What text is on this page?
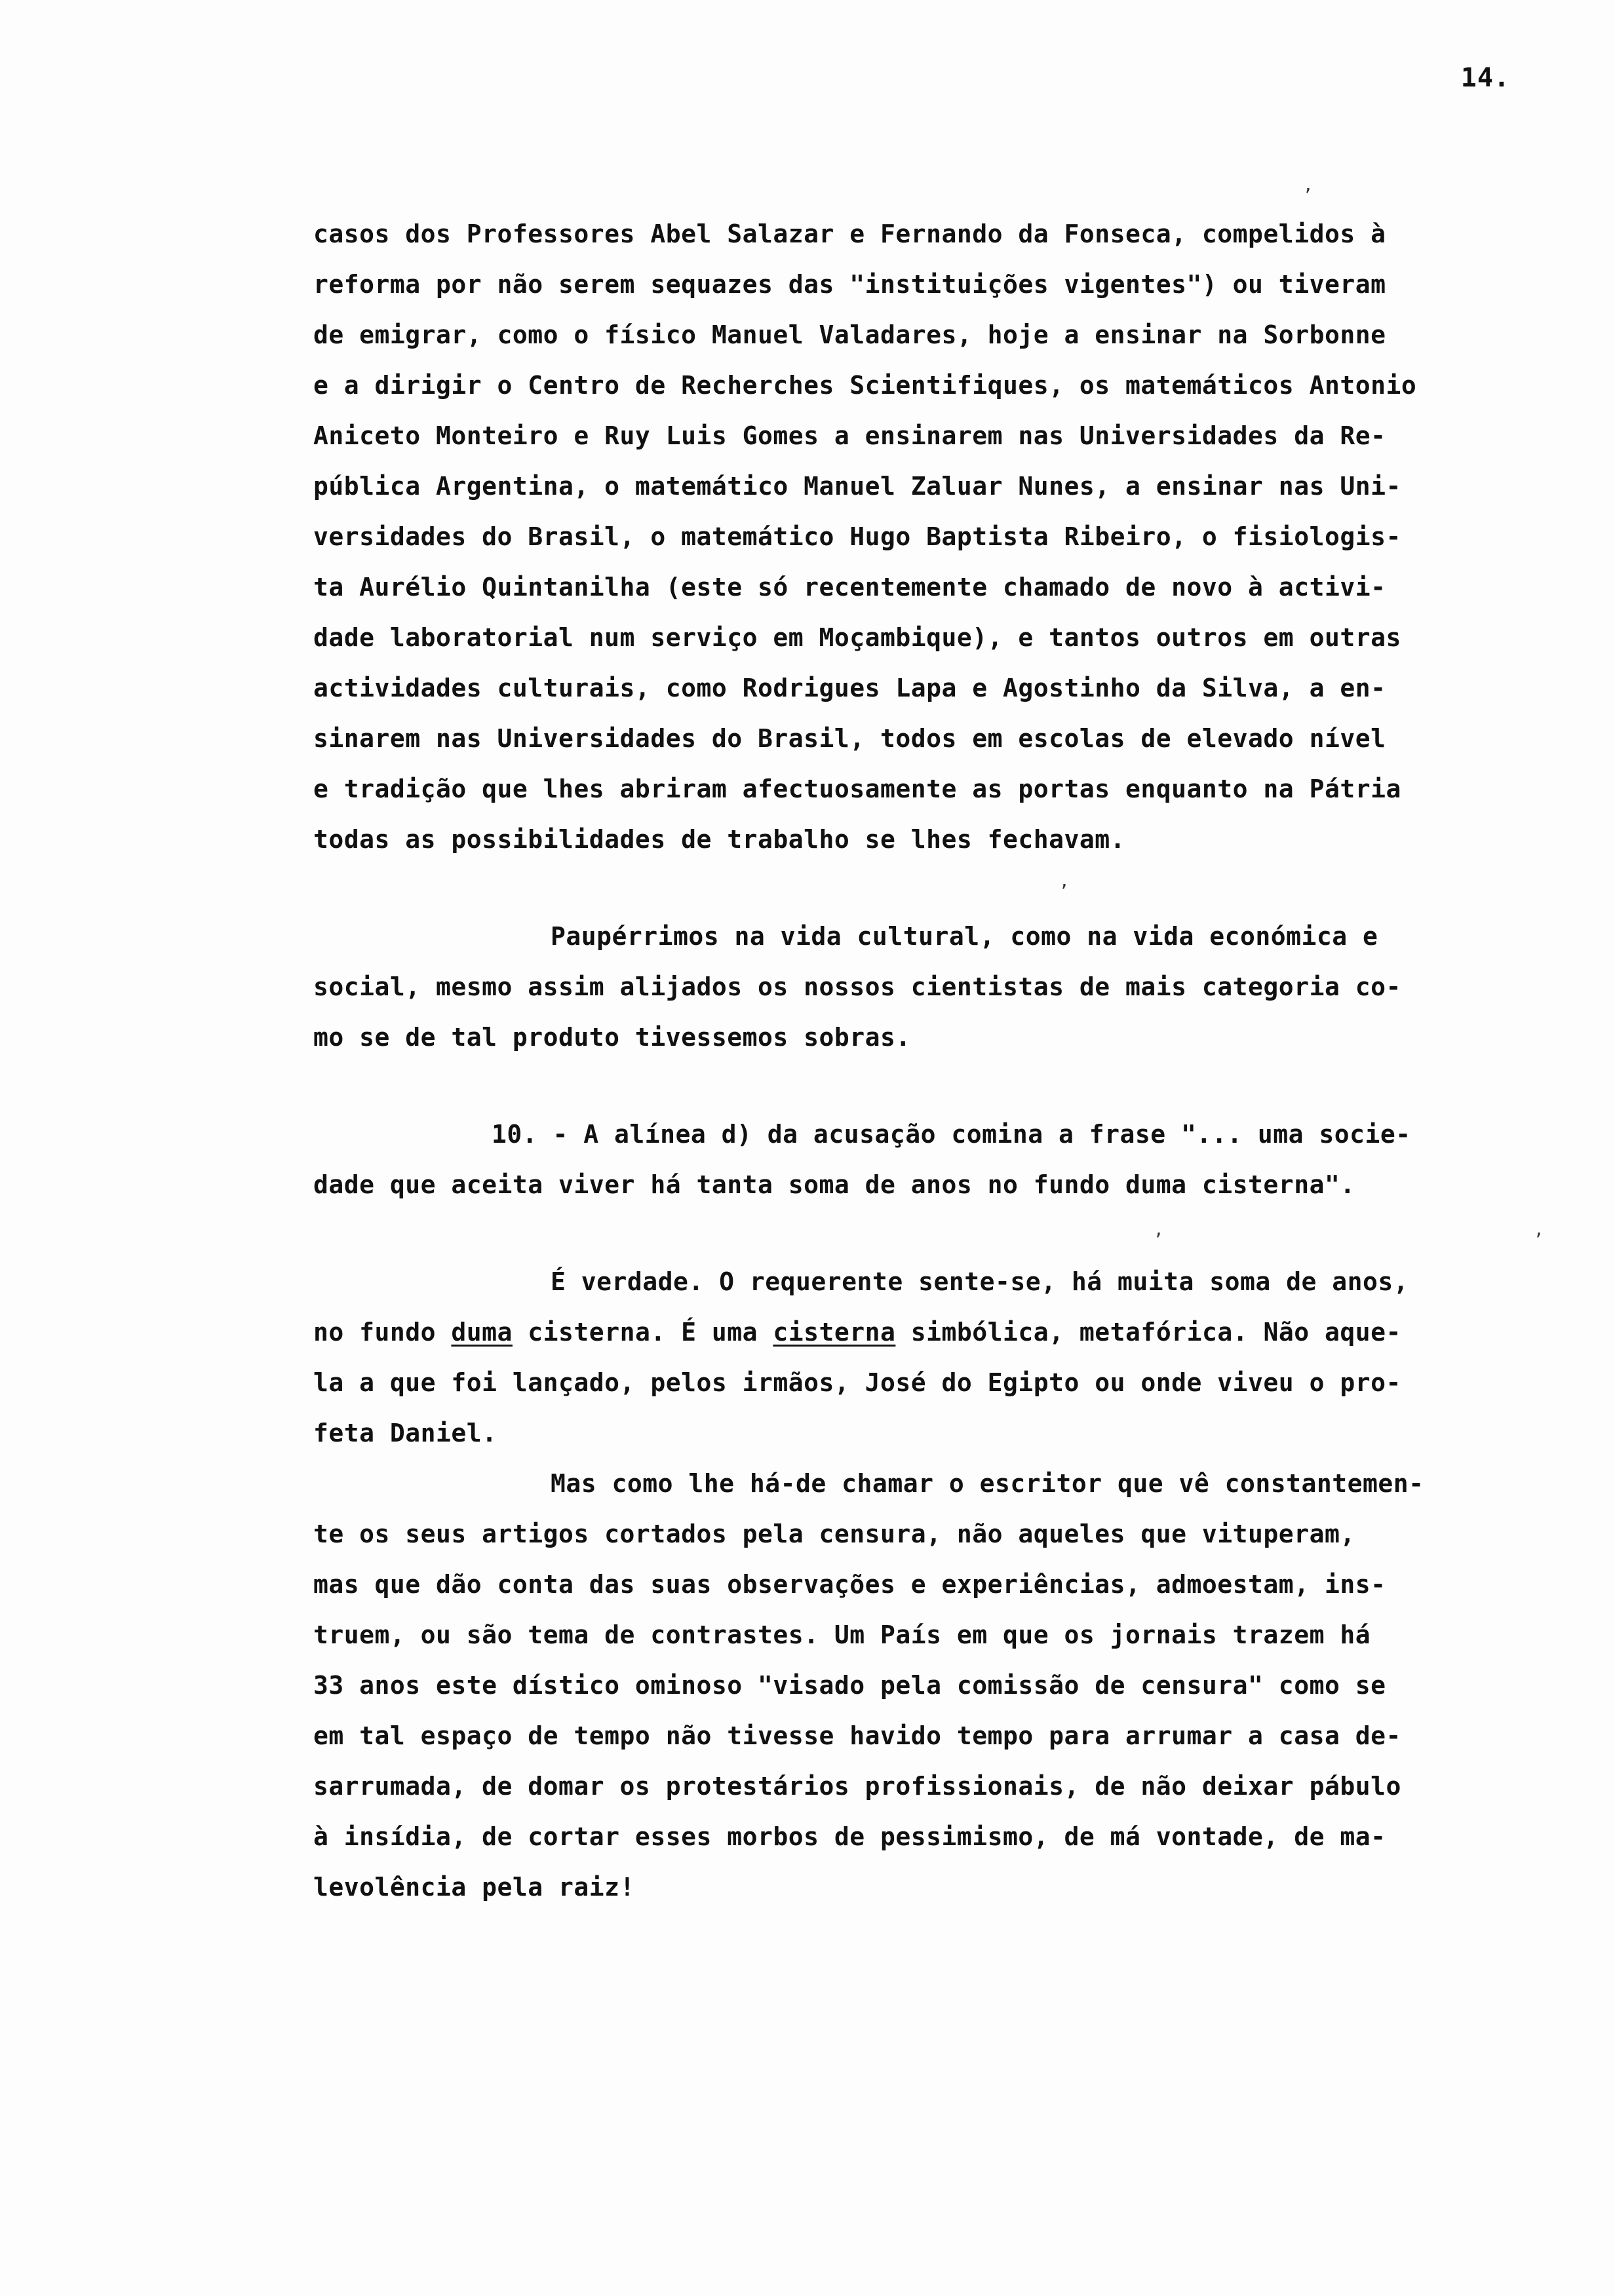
14.
casos dos Professores Abel Salazar e Fernando da Fonseca, compelidos à
reforma por não serem sequazes das "instituições vigentes") ou tiveram
de emigrar, como o físico Manuel Valadares, hoje a ensinar na Sorbonne
e a dirigir o Centro de Recherches Scientifiques, os matemáticos Antonio
Aniceto Monteiro e Ruy Luis Gomes a ensinarem nas Universidades da Re-
pública Argentina, o matemático Manuel Zaluar Nunes, a ensinar nas Uni-
versidades do Brasil, o matemático Hugo Baptista Ribeiro, o fisiologis-
ta Aurélio Quintanilha (este só recentemente chamado de novo à activi-
dade laboratorial num serviço em Moçambique), e tantos outros em outras
actividades culturais, como Rodrigues Lapa e Agostinho da Silva, a en-
sinarem nas Universidades do Brasil, todos em escolas de elevado nível
e tradição que lhes abriram afectuosamente as portas enquanto na Pátria
todas as possibilidades de trabalho se lhes fechavam.
Paupérrimos na vida cultural, como na vida económica e
social, mesmo assim alijados os nossos cientistas de mais categoria co-
mo se de tal produto tivessemos sobras.
10. - A alínea d) da acusação comina a frase "... uma socie-
dade que aceita viver há tanta soma de anos no fundo duma cisterna".
É verdade. O requerente sente-se, há muita soma de anos,
no fundo duma cisterna. É uma cisterna simbólica, metafórica. Não aque-
la a que foi lançado, pelos irmãos, José do Egipto ou onde viveu o pro-
feta Daniel.
Mas como lhe há-de chamar o escritor que vê constantemen-
te os seus artigos cortados pela censura, não aqueles que vituperam,
mas que dão conta das suas observações e experiências, admoestam, ins-
truem, ou são tema de contrastes. Um País em que os jornais trazem há
33 anos este dístico ominoso "visado pela comissão de censura" como se
em tal espaço de tempo não tivesse havido tempo para arrumar a casa de-
sarrumada, de domar os protestários profissionais, de não deixar pábulo
à insídia, de cortar esses morbos de pessimismo, de má vontade, de ma-
levolência pela raiz!
,
,
,	,
